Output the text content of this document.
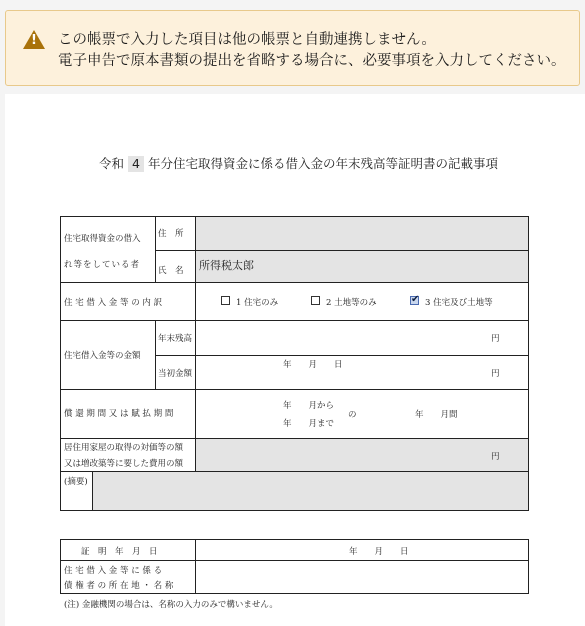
! この帳票で入力した項目は他の帳票と自動連携しません。
電子申告で原本書類の提出を省略する場合に、必要事項を入力してください。
令和 4 年分住宅取得資金に係る借入金の年末残高等証明書の記載事項
住宅取得資金の借入
れ等をしている者
住　所
氏　名 所得税太郎
住 宅 借 入 金 等 の 内 訳	1 住宅のみ	2 土地等のみ
✔	3 住宅及び土地等
住宅借入金等の金額
年末残高	円
年　　月　　日
当初金額	円
償 還 期 間 又 は 賦 払 期 間
年　　月から
年　　月まで
の	年　　月間
居住用家屋の取得の対価等の額
又は増改築等に要した費用の額
円
(摘要)
証　明　年　月　日	年　　月　　日
住 宅 借 入 金 等 に 係 る
債 権 者 の 所 在 地 ・ 名 称
(注) 金融機関の場合は、名称の入力のみで構いません。
